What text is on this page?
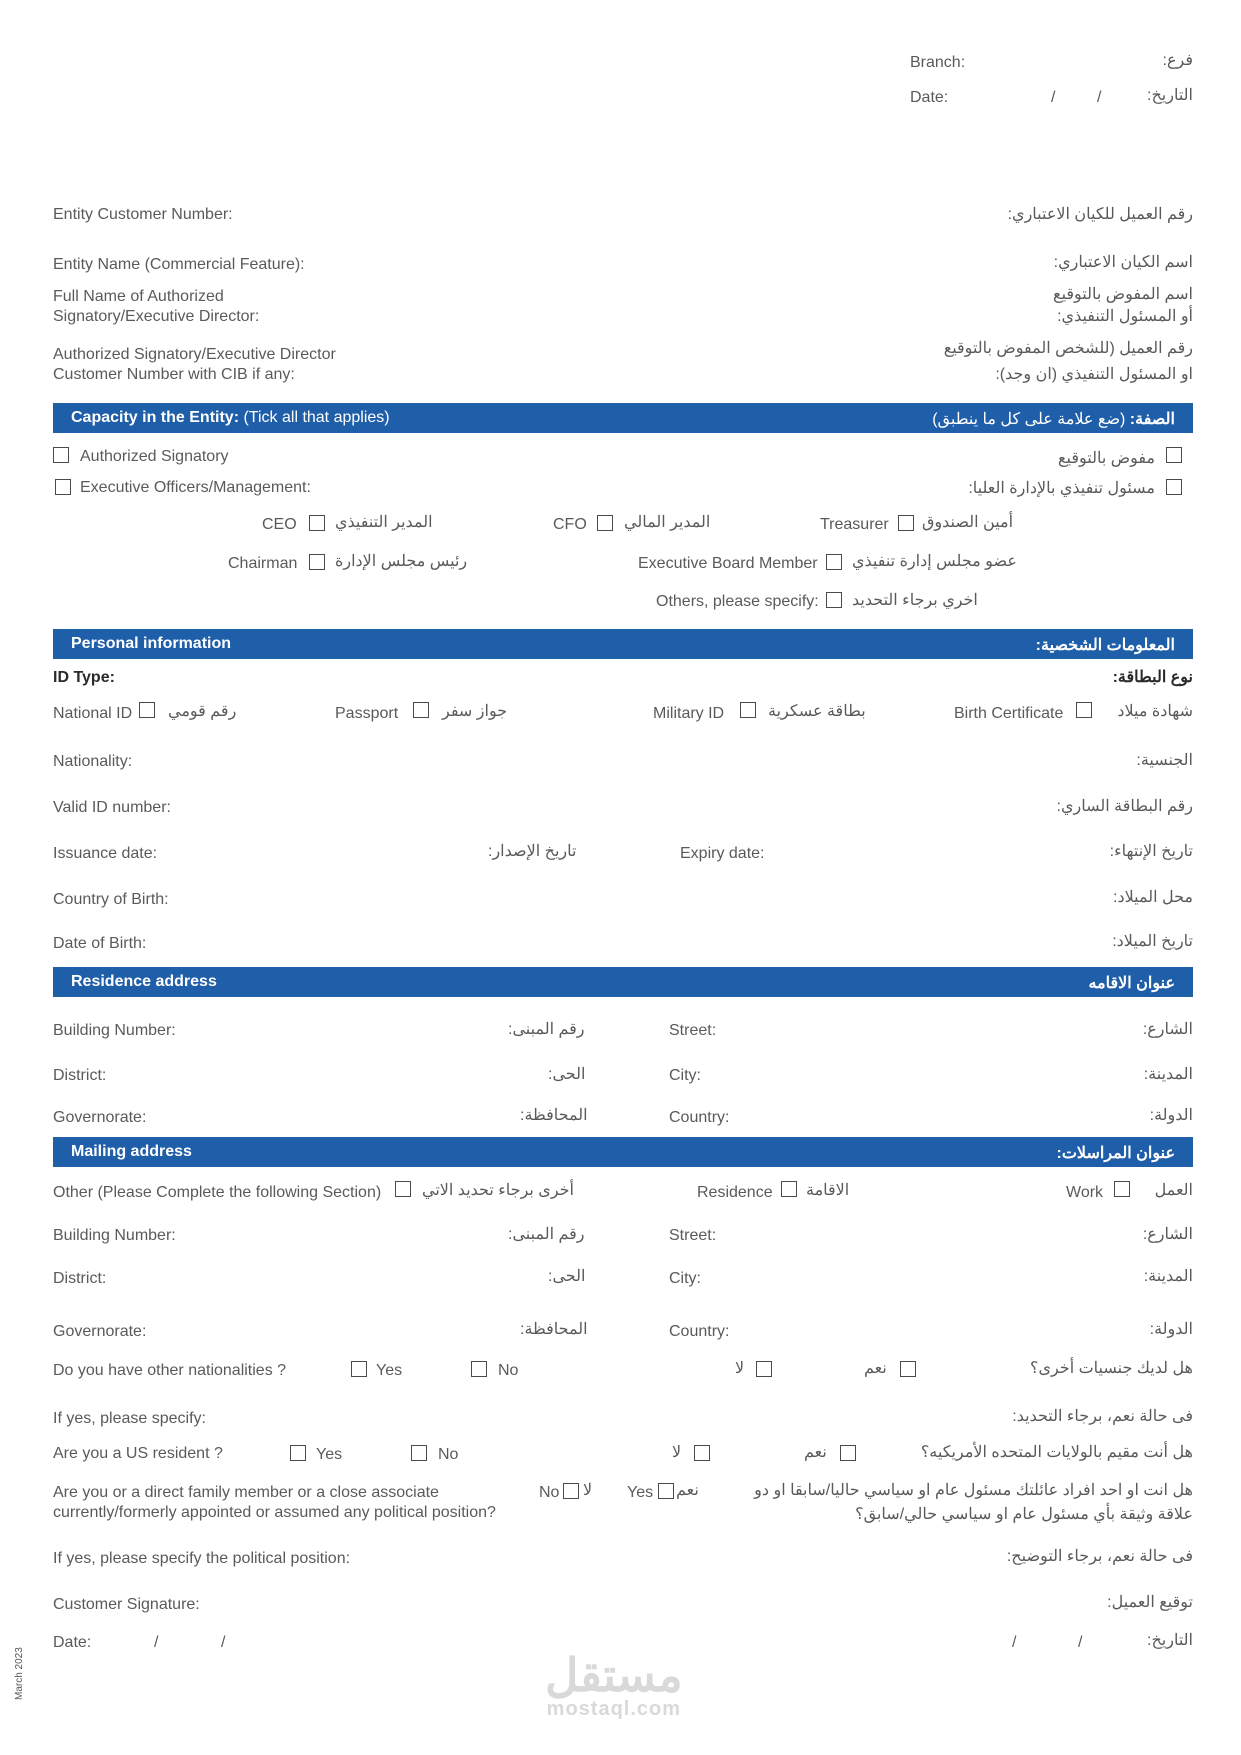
Branch:	فرع:
Date:	/	/	التاريخ:
Entity Customer Number:	رقم العميل للكيان الاعتباري:
Entity Name (Commercial Feature):	اسم الكيان الاعتباري:
Full Name of Authorized
Signatory/Executive Director:
اسم المفوض بالتوقيع
أو المسئول التنفيذي:
Authorized Signatory/Executive Director
Customer Number with CIB if any:
رقم العميل (للشخص المفوض بالتوقيع
او المسئول التنفيذي (ان وجد):
Capacity in the Entity: (Tick all that applies)	الصفة: (ضع علامة على كل ما ينطبق)
Authorized Signatory	مفوض بالتوقيع
Executive Officers/Management:	مسئول تنفيذي بالإدارة العليا:
CEO المدير التنفيذي	CFO المدير المالي	Treasurer أمين الصندوق
Chairman رئيس مجلس الإدارة	Executive Board Member عضو مجلس إدارة تنفيذي
Others, please specify: اخري برجاء التحديد
Personal information	المعلومات الشخصية:
ID Type:	نوع البطاقة:
National ID رقم قومي	Passport	جواز سفر	Military ID	بطاقة عسكرية	Birth Certificate	شهادة ميلاد
Nationality:	الجنسية:
Valid ID number:	رقم البطاقة الساري:
Issuance date:	تاريخ الإصدار:	Expiry date:	تاريخ الإنتهاء:
Country of Birth:	محل الميلاد:
Date of Birth:	تاريخ الميلاد:
Residence address	عنوان الاقامه
Building Number:	رقم المبنى:	Street:	الشارع:
District:	الحى:	City:	المدينة:
Governorate:	المحافظة:	Country:	الدولة:
Mailing address	عنوان المراسلات:
Other (Please Complete the following Section)	أخرى برجاء تحديد الاتي	Residence الاقامة	Work	العمل
Building Number:	رقم المبنى:	Street:	الشارع:
District:	الحى:	City:	المدينة:
Governorate:	المحافظة:	Country:	الدولة:
Do you have other nationalities ?	Yes	No	لا	نعم	هل لديك جنسيات أخرى؟
If yes, please specify:	فى حالة نعم، برجاء التحديد:
Are you a US resident ?	Yes	No	لا	نعم	هل أنت مقيم بالولايات المتحده الأمريكيه؟
Are you or a direct family member or a close associate
currently/formerly appointed or assumed any political position?
No لا Yes نعم	هل انت او احد افراد عائلتك مسئول عام او سياسي حاليا/سابقا او دو
علاقة وثيقة بأي مسئول عام او سياسي حالي/سابق؟
If yes, please specify the political position:	فى حالة نعم، برجاء التوضيح:
Customer Signature:	توقيع العميل:
Date:	/	/	/	/	التاريخ:
March 2023	مستقل
mostaql.com
